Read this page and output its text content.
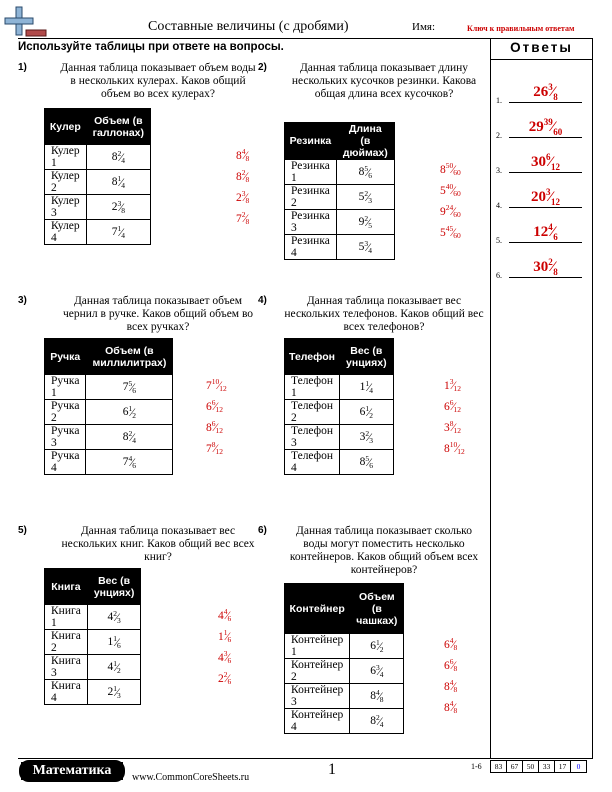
Составные величины (с дробями)	Имя:	Ключ к правильным ответам
Используйте таблицы при ответе на вопросы.	Ответы
1.
26 3 ⁄ 8
2.
29 39 ⁄ 60
3.
30 6 ⁄ 12
4.
20 3 ⁄ 12
5.
12 4 ⁄ 6
6.
30 2 ⁄ 8
1)	Данная таблица показывает объем воды в нескольких кулерах. Каков общий объем во всех кулерах?
Кулер	Объем (в галлонах)
Кулер 1	8 2 ⁄ 4

Кулер 2	8 1 ⁄ 4

Кулер 3	2 3 ⁄ 8

Кулер 4	7 1 ⁄ 4
8 4 ⁄ 8
8 2 ⁄ 8
2 3 ⁄ 8
7 2 ⁄ 8
2)	Данная таблица показывает длину нескольких кусочков резинки. Какова общая длина всех кусочков?
Резинка	Длина (в дюймах)
Резинка 1	8 5 ⁄ 6

Резинка 2	5 2 ⁄ 3

Резинка 3	9 2 ⁄ 5

Резинка 4	5 3 ⁄ 4
8 50 ⁄ 60
5 40 ⁄ 60
9 24 ⁄ 60
5 45 ⁄ 60
3)	Данная таблица показывает объем чернил в ручке. Каков общий объем во всех ручках?
Ручка	Объем (в миллилитрах)
Ручка 1	7 5 ⁄ 6

Ручка 2	6 1 ⁄ 2

Ручка 3	8 2 ⁄ 4

Ручка 4	7 4 ⁄ 6
7 10 ⁄ 12
6 6 ⁄ 12
8 6 ⁄ 12
7 8 ⁄ 12
4)	Данная таблица показывает вес нескольких телефонов. Каков общий вес всех телефонов?
Телефон	Вес (в унциях)
Телефон 1	1 1 ⁄ 4

Телефон 2	6 1 ⁄ 2

Телефон 3	3 2 ⁄ 3

Телефон 4	8 5 ⁄ 6
1 3 ⁄ 12
6 6 ⁄ 12
3 8 ⁄ 12
8 10 ⁄ 12
5)	Данная таблица показывает вес нескольких книг. Каков общий вес всех книг?
Книга	Вес (в унциях)
Книга 1	4 2 ⁄ 3

Книга 2	1 1 ⁄ 6

Книга 3	4 1 ⁄ 2

Книга 4	2 1 ⁄ 3
4 4 ⁄ 6
1 1 ⁄ 6
4 3 ⁄ 6
2 2 ⁄ 6
6)	Данная таблица показывает сколько воды могут поместить несколько контейнеров. Каков общий объем всех контейнеров?
Контейнер	Объем (в чашках)
Контейнер 1	6 1 ⁄ 2

Контейнер 2	6 3 ⁄ 4

Контейнер 3	8 4 ⁄ 8

Контейнер 4	8 2 ⁄ 4
6 4 ⁄ 8
6 6 ⁄ 8
8 4 ⁄ 8
8 4 ⁄ 8
Математика	www.CommonCoreSheets.ru	1	1-6	83	67	50	33	17	0
